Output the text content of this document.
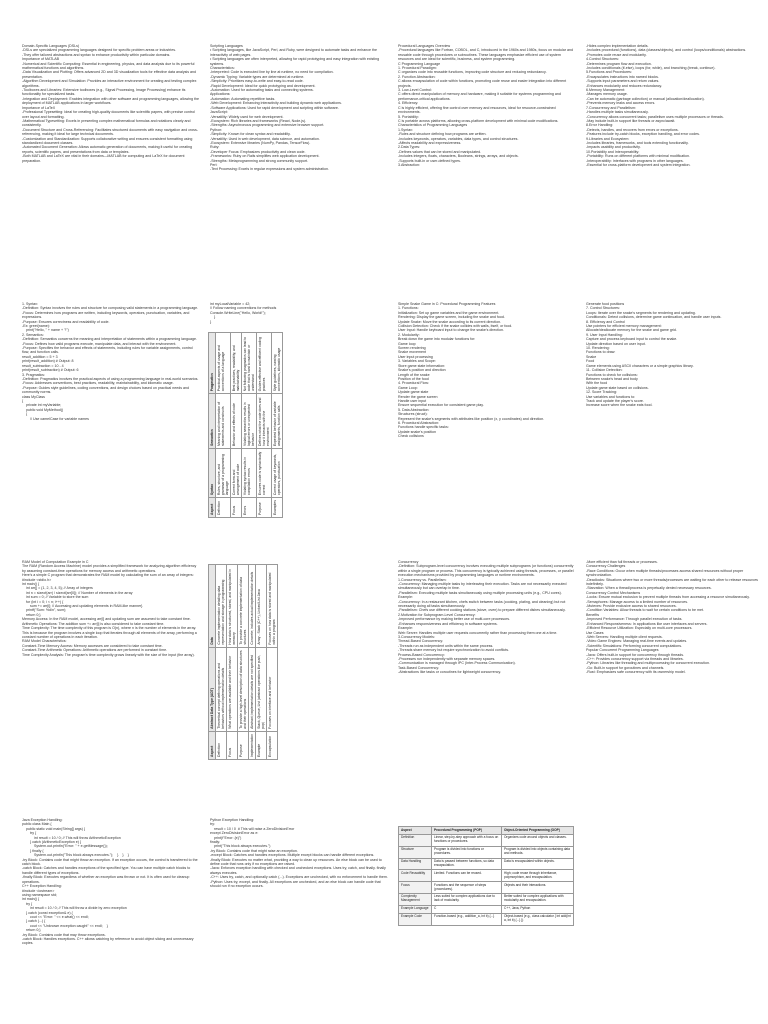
Domain-Specific Languages (DSLs)
-DSLs are specialized programming languages designed for specific problem areas or industries.
-They offer tailored abstractions and syntax to enhance productivity within particular domains.
Importance of MATLAB
-Numerical and Scientific Computing: Essential in engineering, physics, and data analysis due to its powerful mathematical functions and algorithms.
-Data Visualization and Plotting: Offers advanced 2D and 3D visualization tools for effective data analysis and presentation.
-Algorithm Development and Simulation: Provides an interactive environment for creating and testing complex algorithms.
-Toolboxes and Libraries: Extensive toolboxes (e.g., Signal Processing, Image Processing) enhance its functionality for specialized tasks.
-Integration and Deployment: Enables integration with other software and programming languages, allowing the deployment of MATLAB applications in larger workflows.
Importance of LaTeX
-Professional Typesetting: Ideal for creating high-quality documents like scientific papers, with precise control over layout and formatting.
-Mathematical Typesetting: Excels in presenting complex mathematical formulas and notations clearly and consistently.
-Document Structure and Cross-Referencing: Facilitates structured documents with easy navigation and cross-referencing, making it ideal for large technical documents.
-Customization and Standardization: Supports collaborative writing and ensures consistent formatting using standardized document classes.
-Automated Document Generation: Allows automatic generation of documents, making it useful for creating reports, scientific papers, and presentations from data or templates.
-Both MATLAB and LaTeX are vital in their domains—MATLAB for computing and LaTeX for document preparation.

Scripting Languages
• Scripting languages, like JavaScript, Perl, and Ruby, were designed to automate tasks and enhance the interactivity of web pages.
• Scripting languages are often interpreted, allowing for rapid prototyping and easy integration with existing systems.
Characteristics:
-Interpreted: Code is executed line by line at runtime, no need for compilation.
-Dynamic Typing: Variable types are determined at runtime.
-Simplicity: Prioritizes easy-to-write and easy-to-read code.
-Rapid Development: Ideal for quick prototyping and development.
-Automation: Used for automating tasks and connecting systems.
Applications:
-Automation: Automating repetitive tasks.
-Web Development: Enhancing interactivity and building dynamic web applications.
-Software Applications: Used for rapid development and scripting within software.
JavaScript:
-Versatility: Widely used for web development.
-Ecosystem: Rich libraries and frameworks (React, Node.js).
-Strengths: Asynchronous programming and extensive browser support.
Python:
-Simplicity: Known for clean syntax and readability.
-Versatility: Used in web development, data science, and automation.
-Ecosystem: Extensive libraries (NumPy, Pandas, TensorFlow).
Ruby:
-Developer Focus: Emphasizes productivity and clean code.
-Frameworks: Ruby on Rails simplifies web application development.
-Strengths: Metaprogramming and strong community support.
Perl:
-Text Processing: Excels in regular expressions and system administration.

Procedural Languages Overview
-Procedural languages like Fortran, COBOL, and C, introduced in the 1960s and 1980s, focus on modular and reusable code through procedures or subroutines. These languages emphasize efficient use of system resources and are ideal for scientific, business, and system programming.
C Programming Language
1. Procedural Paradigm:
C organizes code into reusable functions, improving code structure and reducing redundancy.
2. Function Abstraction:
C allows encapsulation of code within functions, promoting code reuse and easier integration into different projects.
3. Low-Level Control:
C offers direct manipulation of memory and hardware, making it suitable for systems programming and performance-critical applications.
4. Efficiency:
C is highly efficient, offering fine control over memory and resources, ideal for resource-constrained environments.
5. Portability:
C is portable across platforms, allowing cross-platform development with minimal code modifications.
Characteristics of Programming Languages
1.Syntax:
-Rules and structure defining how programs are written.
-Includes keywords, operators, variables, data types, and control structures.
-Affects readability and expressiveness.
2.Data Types:
-Defines values that can be stored and manipulated.
-Includes integers, floats, characters, Booleans, strings, arrays, and objects.
-Supports built-in or user-defined types.
3.Abstraction:

-Hides complex implementation details.
-Includes procedural (functions), data (classes/objects), and control (loops/conditionals) abstractions.
-Promotes code reuse and modularity.
4.Control Structures:
-Determines program flow and execution.
-Includes conditionals (if-else), loops (for, while), and branching (break, continue).
5.Functions and Procedures:
-Encapsulates instructions into named blocks.
-Supports input parameters and return values.
-Enhances modularity and reduces redundancy.
6.Memory Management:
-Manages memory usage.
-Can be automatic (garbage collection) or manual (allocation/deallocation).
-Prevents memory leaks and access errors.
7.Concurrency and Parallelism:
-Handles multiple tasks simultaneously.
-Concurrency allows concurrent tasks; parallelism uses multiple processors or threads.
-May include built-in support like threads or async/await.
8.Error Handling:
-Detects, handles, and recovers from errors or exceptions.
-Features include try-catch blocks, exception handling, and error codes.
9.Libraries and Ecosystem:
-Includes libraries, frameworks, and tools extending functionality.
-Impacts usability and productivity.
10.Portability and Interoperability:
-Portability: Runs on different platforms with minimal modification.
-Interoperability: Interfaces with programs in other languages.
-Essential for cross-platform development and system integration.

1. Syntax:
-Definition: Syntax involves the rules and structure for composing valid statements in a programming language.
-Focus: Determines how programs are written, including keywords, operators, punctuation, variables, and expressions.
-Purpose: Ensures correctness and readability of code.
-Ex: greet(name):
print("Hello, " + name + "!")
2. Semantics:
-Definition: Semantics concerns the meaning and interpretation of statements within a programming language.
-Focus: Defines how valid programs execute, manipulate data, and interact with the environment.
-Purpose: Specifies the behavior and effects of statements, including rules for variable assignments, control flow, and function calls.
result_addition = 5 + 3
print(result_addition) # Output: 8
result_subtraction = 10 - 4
print(result_subtraction) # Output: 6
3. Pragmatics:
-Definition: Pragmatics involves the practical aspects of using a programming language in real-world scenarios.
-Focus: Addresses conventions, best practices, readability, maintainability, and idiomatic usage.
-Purpose: Guides style guidelines, coding conventions, and design choices based on practical needs and community norms.
class MyClass
{
private int myVariable;
public void MyMethod()
{
// Use camelCase for variable names

int myLocalVariable = 42;
// Follow naming conventions for methods
Console.WriteLine("Hello, World!");
}
}

Aspect	Syntax	Semantics	Pragmatics
Definition	Rules, structure, and grammar of a programming language	Meaning and interpretation of statements and constructs	Practical aspects of usage and conventions of a language
Focus	Correct form and arrangement of code	Behavior and effects of code	Best practices, readability, and maintainability
Errors	Violating syntax results in compilation errors	Violating semantics results in logical errors or unexpected behavior	Not following pragmatics can lead to code that is hard to maintain or understand
Purpose	Ensures code is syntactically correct	Defines what the code does and how it interacts with the environment	Guides effective and efficient coding practices
Examples	Correct usage of keywords, operators, punctuation	Expected behavior of variable assignments, function calls	Style guidelines, naming conventions, idiomatic usage

Simple Snake Game in C: Procedural Programming Features
1. Functions:
Initialization: Set up game variables and the game environment.
Rendering: Display the game screen, including the snake and food.
Update Snake: Move the snake according to its current direction.
Collision Detection: Check if the snake collides with walls, itself, or food.
User Input: Handle keyboard input to change the snake's direction.
2. Modularity:
Break down the game into modular functions for:
Game loop
Screen rendering
Snake movement
User input processing
3. Variables and Scope:
Store game state information:
Snake's position and direction
Length of the snake
Position of the food
4. Procedural Flow:
Game Loop:
Update game state
Render the game screen
Handle user input
Ensure sequential execution for consistent game play.
5. Data Abstraction:
Structures (struct):
Represent the snake's segments with attributes like position (x, y coordinates) and direction.
6. Procedural Abstraction:
Functions handle specific tasks:
Update snake's position
Check collisions

Generate food positions
7. Control Structures:
Loops: Iterate over the snake's segments for rendering and updating.
Conditionals: Detect collisions, determine game continuation, and handle user inputs.
8. Efficiency and Control
Use pointers for efficient memory management:
Allocate/deallocate memory for the snake and game grid.
9. User Input Handling:
Capture and process keyboard input to control the snake.
Update direction based on user input.
10. Rendering:
Functions to draw:
Snake
Food
Game elements using ASCII characters or a simple graphics library.
11. Collision Detection:
Functions to check for collisions:
Between snake's head and body
With the food
Update game state based on collisions.
12. Score Tracking:
Use variables and functions to:
Track and update the player's score.
Increase score when the snake eats food.

RAM Model of Computation Example in C
The RAM (Random Access Machine) model provides a simplified framework for analyzing algorithm efficiency by assuming constant-time operations for memory access and arithmetic operations.
Here's a simple C program that demonstrates the RAM model by calculating the sum of an array of integers:
#include <stdio.h>
int main() {
int arr[] = {1, 2, 3, 4, 5}; // Array of integers
int n = sizeof(arr) / sizeof(arr[0]); // Number of elements in the array
int sum = 0; // Variable to store the sum
for (int i = 0; i < n; i++) {
sum += arr[i]; // Accessing and updating elements in RAM-like manner}
printf("Sum: %d\n", sum);
return 0;}
Memory Access: In the RAM model, accessing arr[i] and updating sum are assumed to take constant time.
Arithmetic Operations: The addition sum += arr[i] is also considered to take constant time.
Time Complexity: The time complexity of this program is O(n), where n is the number of elements in the array. This is because the program involves a single loop that iterates through all elements of the array, performing a constant number of operations in each iteration.
RAM Model Characteristics:
Constant-Time Memory Access: Memory accesses are considered to take constant time.
Constant-Time Arithmetic Operations: Arithmetic operations are performed in constant time.
Time Complexity Analysis: The program's time complexity grows linearly with the size of the input (the array).

Aspect	Abstract Data Type (ADT)	Data
Definition	Theoretical concept defining operations and behaviors without implementation details	Concrete implementation detailing data representation and storage in programming
Focus	What operations are available and their behavior	How data is structured, stored, and manipulated in memory
Purpose	To provide a high-level description of data structures and their operations	To provide a concrete implementation of data structures
Implementation	Abstract; implementation details are not specified	Concrete; includes actual implementation details
Example	Stack, Queue, List (abstract operations like push, pop)	Array - Stack (C++), Linked List Java
Encapsulation	Focuses on interface and behavior	Focuses on how data is stored and manipulated within a program

Concurrency
-Definition: Subprogram-level concurrency involves executing multiple subprograms (or functions) concurrently within a single program or process. This concurrency is typically achieved using threads, processes, or parallel execution mechanisms provided by programming languages or runtime environments.
1.Concurrency vs. Parallelism:
-Concurrency: Managing multiple tasks by interleaving their execution. Tasks are not necessarily executed simultaneously but can overlap in time.
-Parallelism: Executing multiple tasks simultaneously using multiple processing units (e.g., CPU cores).
Example:
-Concurrency: In a restaurant kitchen, chefs switch between tasks (cooking, plating, and cleaning) but not necessarily doing all tasks simultaneously.
-Parallelism: Chefs use different cooking stations (stove, oven) to prepare different dishes simultaneously.
2.Motivation for Subprogram-Level Concurrency:
-Improved performance by making better use of multi-core processors.
-Enhances responsiveness and efficiency in software systems.
Example:
Web Server: Handles multiple user requests concurrently rather than processing them one at a time.
3.Concurrency Models:
Thread-Based Concurrency:
-Threads run as independent units within the same process.
-Threads share memory but require synchronization to avoid conflicts.
Process-Based Concurrency:
-Processes run independently with separate memory spaces.
-Communication is managed through IPC (Inter-Process Communication).
Task-Based Concurrency:
-Abstractions like tasks or coroutines for lightweight concurrency.

-More efficient than full threads or processes.
Concurrency Challenges
-Race Conditions: Occur when multiple threads/processes access shared resources without proper synchronization.
-Deadlocks: Situations where two or more threads/processes are waiting for each other to release resources indefinitely.
-Starvation: When a thread/process is perpetually denied necessary resources.
Concurrency Control Mechanisms
-Locks: Ensure mutual exclusion to prevent multiple threads from accessing a resource simultaneously.
-Semaphores: Manage access to a limited number of resources.
-Mutexes: Provide exclusive access to shared resources.
-Condition Variables: Allow threads to wait for certain conditions to be met.
Benefits
-Improved Performance: Through parallel execution of tasks.
-Enhanced Responsiveness: In applications like user interfaces and servers.
-Efficient Resource Utilization: Especially on multi-core processors.
Use Cases
-Web Servers: Handling multiple client requests.
-Video Game Engines: Managing real-time events and updates.
-Scientific Simulations: Performing concurrent computations.
Popular Concurrent Programming Languages
-Java: Offers built-in support for concurrency through threads.
-C++: Provides concurrency support via threads and libraries.
-Python: Libraries like threading and multiprocessing for concurrent execution.
-Go: Built-in support for goroutines and channels.
-Rust: Emphasizes safe concurrency with its ownership model.

Java Exception Handling:
public class Main {
public static void main(String[] args) {
try {
int result = 10 / 0; // This will throw ArithmeticException
} catch (ArithmeticException e) {
System.out.println("Error: " + e.getMessage());
} finally {
System.out.println("This block always executes.");    }    }    }
-try Block: Contains code that might throw an exception. If an exception occurs, the control is transferred to the catch block.
-catch Block: Catches and handles exceptions of the specified type. You can have multiple catch blocks to handle different types of exceptions.
-finally Block: Executes regardless of whether an exception was thrown or not. It is often used for cleanup operations.
C++ Exception Handling:
#include <iostream>
using namespace std;
int main() {
try {
int result = 10 / 0; // This will throw a divide by zero exception
} catch (const exception& e) {
cout << "Error: " << e.what() << endl;
} catch (...) {
cout << "Unknown exception caught" << endl;    }
return 0;}
-try Block: Contains code that may throw exceptions.
-catch Block: Handles exceptions. C++ allows catching by reference to avoid object slicing and unnecessary copies.

Python Exception Handling:
try:
result = 10 / 0  # This will raise a ZeroDivisionError
except ZeroDivisionError as e:
print(f"Error: {e}")
finally:
print("This block always executes.")
-try Block: Contains code that might raise an exception.
-except Block: Catches and handles exceptions. Multiple except blocks can handle different exceptions.
-finally Block: Executes no matter what, providing a way to clean up resources. An else block can be used to define code that runs only if no exceptions are raised.
-Java: Enforces exception handling with checked and unchecked exceptions. Uses try, catch, and finally. finally always executes.
-C++: Uses try, catch, and optionally catch (...). Exceptions are unchecked, with no enforcement to handle them.
-Python: Uses try, except, and finally. All exceptions are unchecked, and an else block can handle code that should run if no exception occurs.

Aspect	Procedural Programming (POP)	Object-Oriented Programming (OOP)
Definition	Linear, step-by-step approach with a focus on functions or procedures.	Organizes code around objects and classes.
Structure	Program is divided into functions or procedures.	Program is divided into objects containing data and methods.
Data Handling	Data is passed between functions, so data encapsulation.	Data is encapsulated within objects.
Code Reusability	Limited. Functions can be reused.	High; code reuse through inheritance, polymorphism, and encapsulation.
Focus	Functions and the sequence of steps (procedures).	Objects and their interactions.
Complexity Management	Less suited for complex applications due to lack of modularity.	Better suited for complex applications with modularity and encapsulation.
Example Language	C	C++, Java, Python
Example Code	Function-based (e.g., addition_a, int b) {...}	Object-based (e.g., class calculator { int add(int a, int b) {...} })
